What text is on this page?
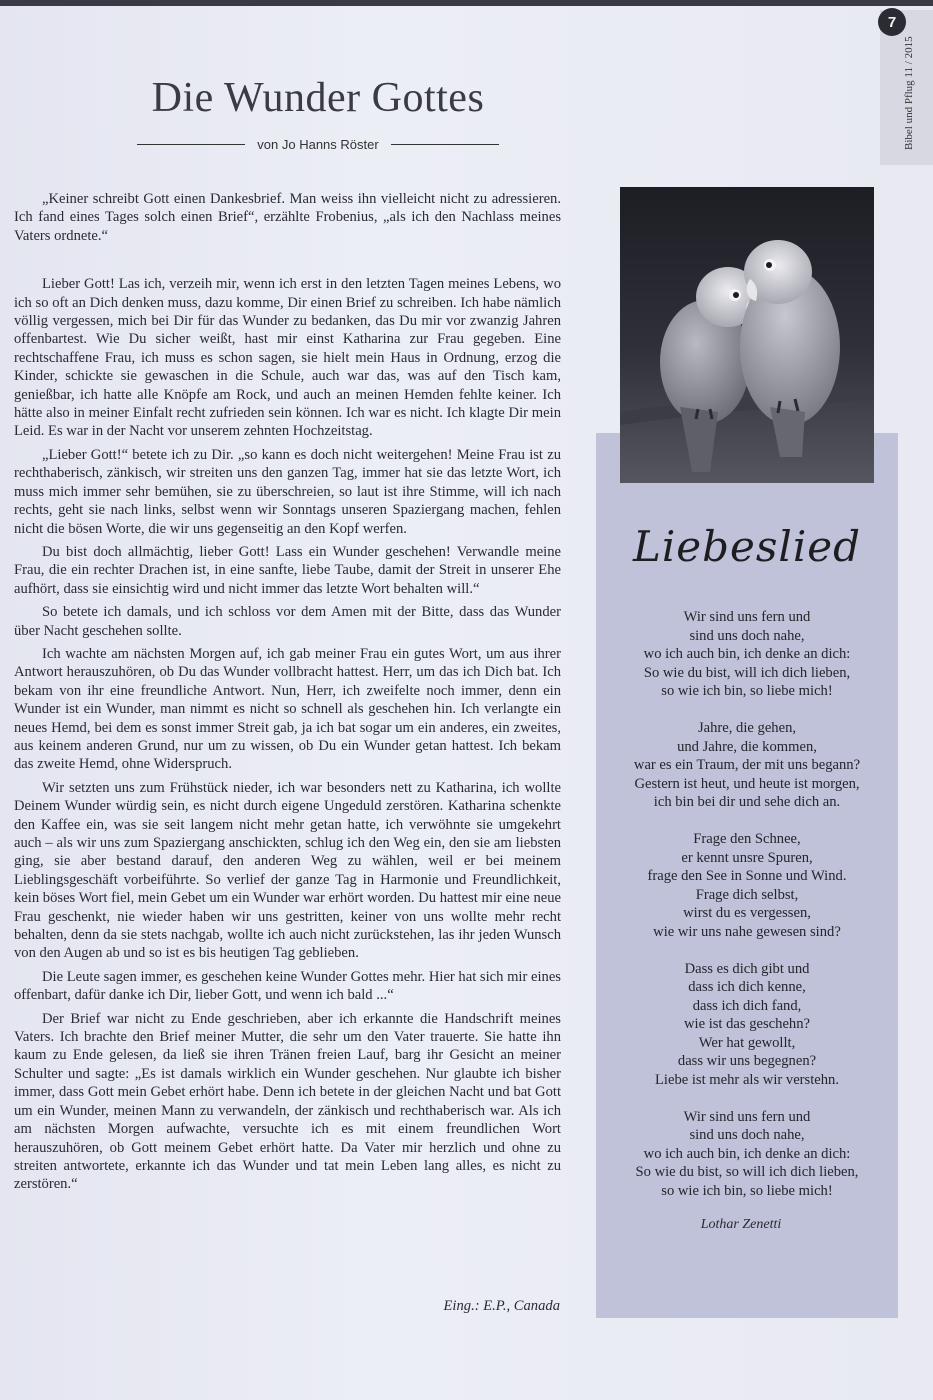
7
Bibel und Pflug 11 / 2015
Die Wunder Gottes
von Jo Hanns Röster

„Keiner schreibt Gott einen Dankesbrief. Man weiss ihn vielleicht nicht zu adressieren. Ich fand eines Tages solch einen Brief“, erzählte Frobenius, „als ich den Nachlass meines Vaters ordnete.“

Lieber Gott! Las ich, verzeih mir, wenn ich erst in den letzten Tagen meines Lebens, wo ich so oft an Dich denken muss, dazu komme, Dir einen Brief zu schreiben. Ich habe nämlich völlig vergessen, mich bei Dir für das Wunder zu bedanken, das Du mir vor zwanzig Jahren offenbartest. Wie Du sicher weißt, hast mir einst Katharina zur Frau gegeben. Eine rechtschaffene Frau, ich muss es schon sagen, sie hielt mein Haus in Ordnung, erzog die Kinder, schickte sie gewaschen in die Schule, auch war das, was auf den Tisch kam, genießbar, ich hatte alle Knöpfe am Rock, und auch an meinen Hemden fehlte keiner. Ich hätte also in meiner Einfalt recht zufrieden sein können. Ich war es nicht. Ich klagte Dir mein Leid. Es war in der Nacht vor unserem zehnten Hochzeitstag.

„Lieber Gott!“ betete ich zu Dir. „so kann es doch nicht weitergehen! Meine Frau ist zu rechthaberisch, zänkisch, wir streiten uns den ganzen Tag, immer hat sie das letzte Wort, ich muss mich immer sehr bemühen, sie zu überschreien, so laut ist ihre Stimme, will ich nach rechts, geht sie nach links, selbst wenn wir Sonntags unseren Spaziergang machen, fehlen nicht die bösen Worte, die wir uns gegenseitig an den Kopf werfen.

Du bist doch allmächtig, lieber Gott! Lass ein Wunder geschehen! Verwandle meine Frau, die ein rechter Drachen ist, in eine sanfte, liebe Taube, damit der Streit in unserer Ehe aufhört, dass sie einsichtig wird und nicht immer das letzte Wort behalten will.“

So betete ich damals, und ich schloss vor dem Amen mit der Bitte, dass das Wunder über Nacht geschehen sollte.

Ich wachte am nächsten Morgen auf, ich gab meiner Frau ein gutes Wort, um aus ihrer Antwort herauszuhören, ob Du das Wunder vollbracht hattest. Herr, um das ich Dich bat. Ich bekam von ihr eine freundliche Antwort. Nun, Herr, ich zweifelte noch immer, denn ein Wunder ist ein Wunder, man nimmt es nicht so schnell als geschehen hin. Ich verlangte ein neues Hemd, bei dem es sonst immer Streit gab, ja ich bat sogar um ein anderes, ein zweites, aus keinem anderen Grund, nur um zu wissen, ob Du ein Wunder getan hattest. Ich bekam das zweite Hemd, ohne Widerspruch.

Wir setzten uns zum Frühstück nieder, ich war besonders nett zu Katharina, ich wollte Deinem Wunder würdig sein, es nicht durch eigene Ungeduld zerstören. Katharina schenkte den Kaffee ein, was sie seit langem nicht mehr getan hatte, ich verwöhnte sie umgekehrt auch – als wir uns zum Spaziergang anschickten, schlug ich den Weg ein, den sie am liebsten ging, sie aber bestand darauf, den anderen Weg zu wählen, weil er bei meinem Lieblingsgeschäft vorbeiführte. So verlief der ganze Tag in Harmonie und Freundlichkeit, kein böses Wort fiel, mein Gebet um ein Wunder war erhört worden. Du hattest mir eine neue Frau geschenkt, nie wieder haben wir uns gestritten, keiner von uns wollte mehr recht behalten, denn da sie stets nachgab, wollte ich auch nicht zurückstehen, las ihr jeden Wunsch von den Augen ab und so ist es bis heutigen Tag geblieben.

Die Leute sagen immer, es geschehen keine Wunder Gottes mehr. Hier hat sich mir eines offenbart, dafür danke ich Dir, lieber Gott, und wenn ich bald ...“

Der Brief war nicht zu Ende geschrieben, aber ich erkannte die Handschrift meines Vaters. Ich brachte den Brief meiner Mutter, die sehr um den Vater trauerte. Sie hatte ihn kaum zu Ende gelesen, da ließ sie ihren Tränen freien Lauf, barg ihr Gesicht an meiner Schulter und sagte: „Es ist damals wirklich ein Wunder geschehen. Nur glaubte ich bisher immer, dass Gott mein Gebet erhört habe. Denn ich betete in der gleichen Nacht und bat Gott um ein Wunder, meinen Mann zu verwandeln, der zänkisch und rechthaberisch war. Als ich am nächsten Morgen aufwachte, versuchte ich es mit einem freundlichen Wort herauszuhören, ob Gott meinem Gebet erhört hatte. Da Vater mir herzlich und ohne zu streiten antwortete, erkannte ich das Wunder und tat mein Leben lang alles, es nicht zu zerstören.“

Eing.: E.P., Canada
Liebeslied
Wir sind uns fern und
sind uns doch nahe,
wo ich auch bin, ich denke an dich:
So wie du bist, will ich dich lieben,
so wie ich bin, so liebe mich!
Jahre, die gehen,
und Jahre, die kommen,
war es ein Traum, der mit uns begann?
Gestern ist heut, und heute ist morgen,
ich bin bei dir und sehe dich an.
Frage den Schnee,
er kennt unsre Spuren,
frage den See in Sonne und Wind.
Frage dich selbst,
wirst du es vergessen,
wie wir uns nahe gewesen sind?
Dass es dich gibt und
dass ich dich kenne,
dass ich dich fand,
wie ist das geschehn?
Wer hat gewollt,
dass wir uns begegnen?
Liebe ist mehr als wir verstehn.
Wir sind uns fern und
sind uns doch nahe,
wo ich auch bin, ich denke an dich:
So wie du bist, so will ich dich lieben,
so wie ich bin, so liebe mich!
Lothar Zenetti
